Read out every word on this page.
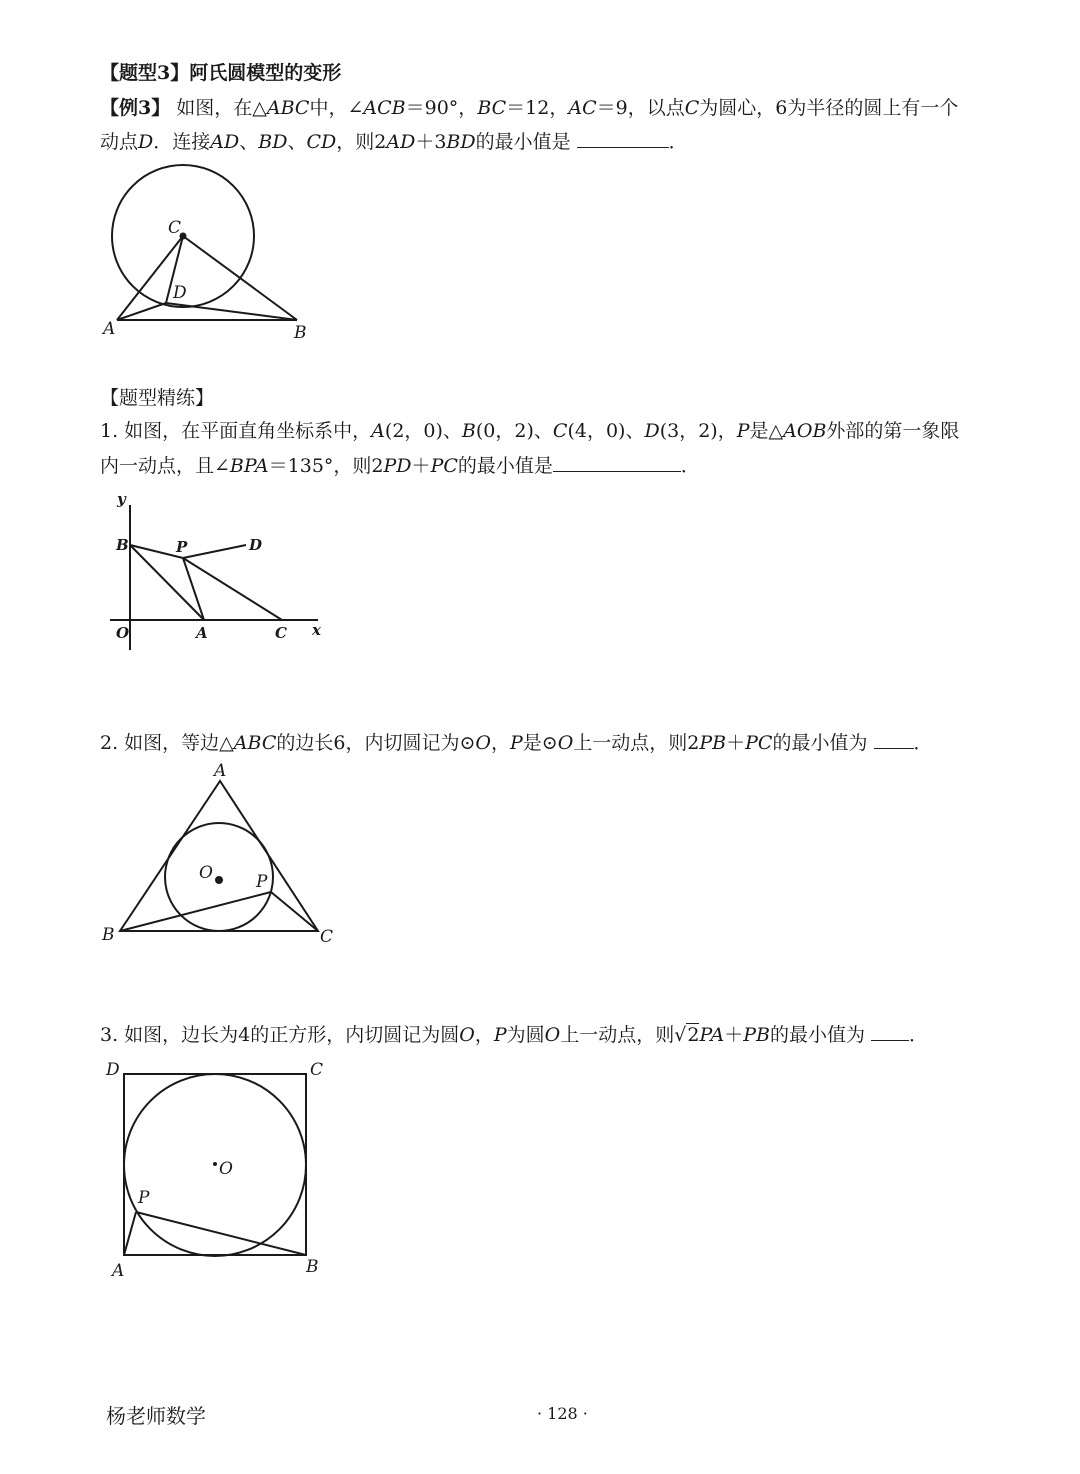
【题型3】阿氏圆模型的变形
【例3】 如图，在△ABC中，∠ACB＝90°，BC＝12，AC＝9，以点C为圆心，6为半径的圆上有一个
动点D．连接AD、BD、CD，则2AD＋3BD的最小值是	．
C
D
A	B
【题型精练】
1. 如图，在平面直角坐标系中，A(2，0)、B(0，2)、C(4，0)、D(3，2)，P是△AOB外部的第一象限
内一动点，且∠BPA＝135°，则2PD＋PC的最小值是	．
y
x
O	A
B
C
P	D
2. 如图，等边△ABC的边长6，内切圆记为⊙O，P是⊙O上一动点，则2PB＋PC的最小值为 ．
A
B	C
O	P
3. 如图，边长为4的正方形，内切圆记为圆O，P为圆O上一动点，则√2PA＋PB的最小值为 ．
D	C
O
P
A	B
杨老师数学	· 128 ·
